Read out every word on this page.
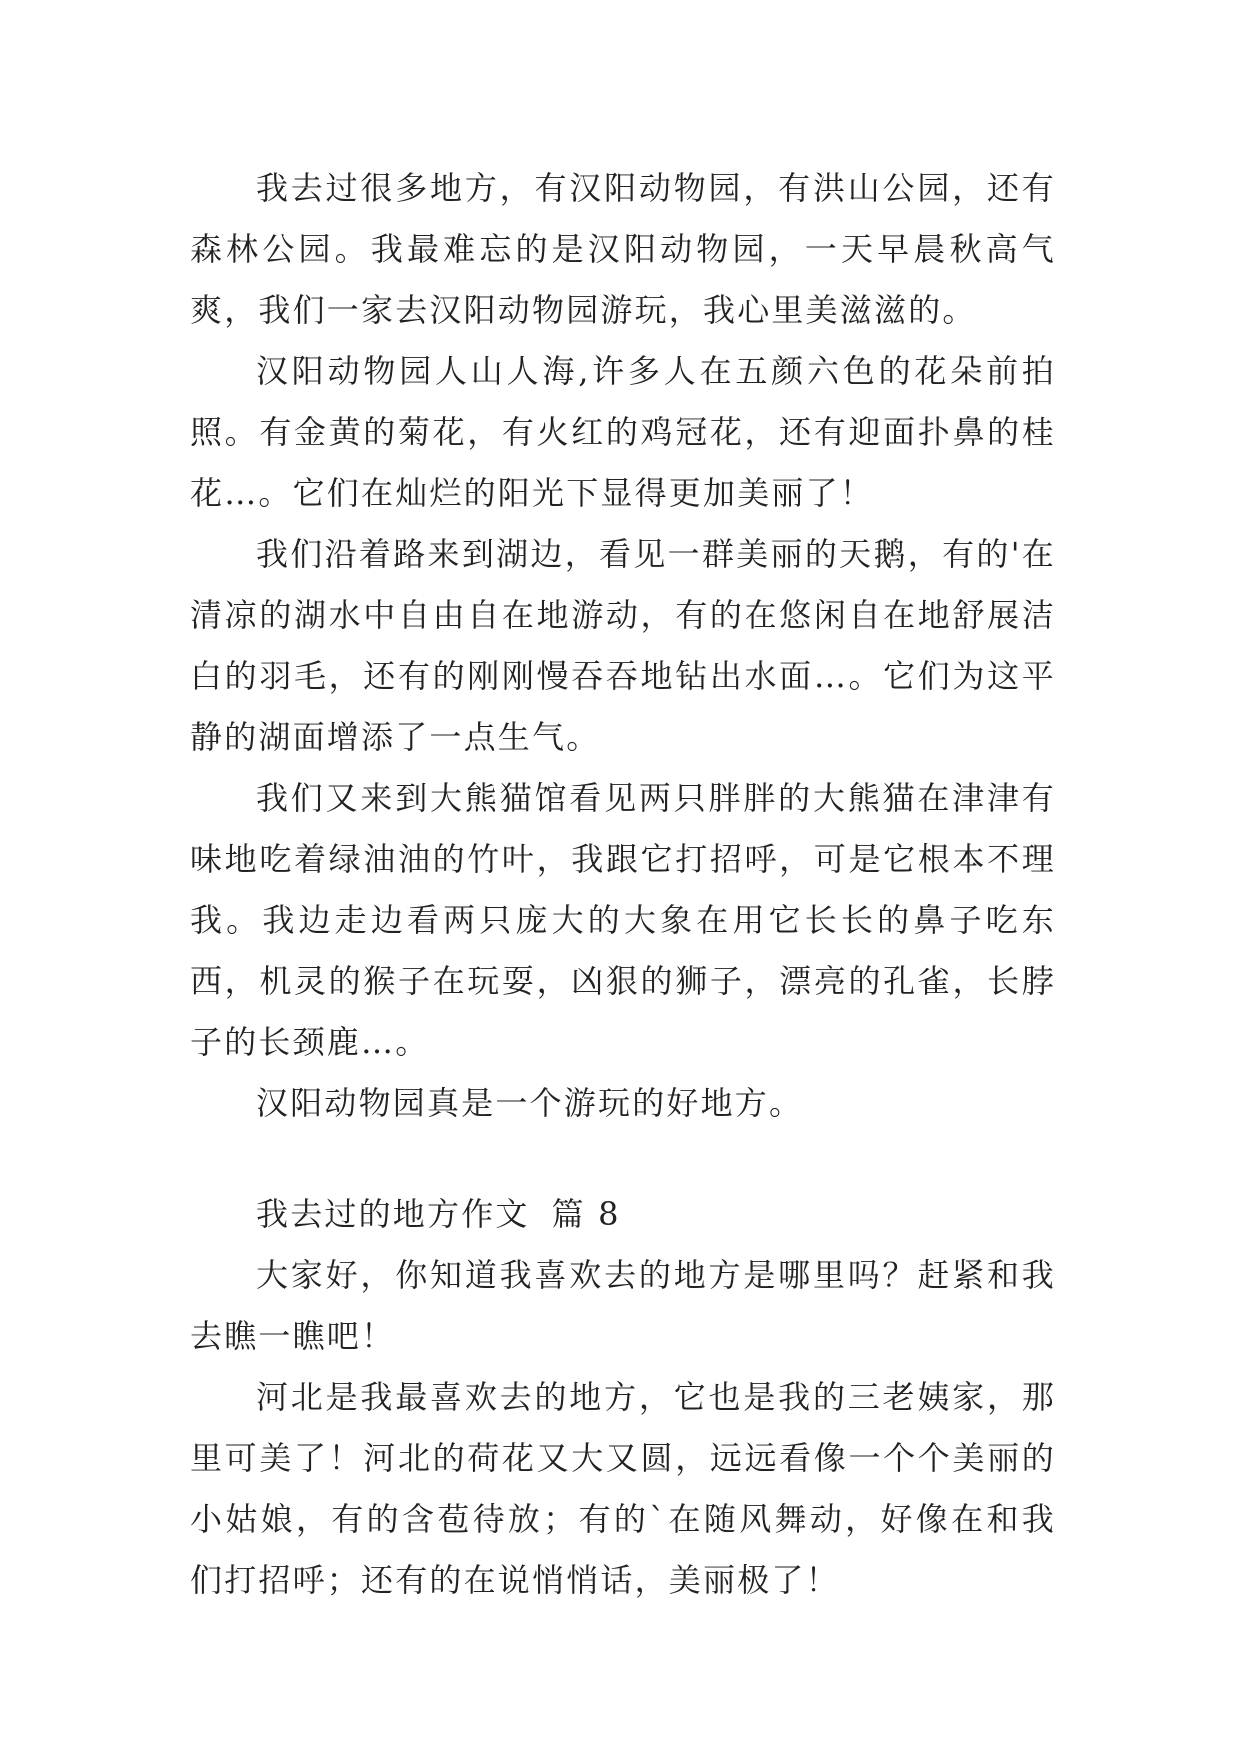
我去过很多地方，有汉阳动物园，有洪山公园，还有森林公园。我最难忘的是汉阳动物园，一天早晨秋高气爽，我们一家去汉阳动物园游玩，我心里美滋滋的。

汉阳动物园人山人海,许多人在五颜六色的花朵前拍照。有金黄的菊花，有火红的鸡冠花，还有迎面扑鼻的桂花…。它们在灿烂的阳光下显得更加美丽了！

我们沿着路来到湖边，看见一群美丽的天鹅，有的'在清凉的湖水中自由自在地游动，有的在悠闲自在地舒展洁白的羽毛，还有的刚刚慢吞吞地钻出水面…。它们为这平静的湖面增添了一点生气。

我们又来到大熊猫馆看见两只胖胖的大熊猫在津津有味地吃着绿油油的竹叶，我跟它打招呼，可是它根本不理我。我边走边看两只庞大的大象在用它长长的鼻子吃东西，机灵的猴子在玩耍，凶狠的狮子，漂亮的孔雀，长脖子的长颈鹿…。

汉阳动物园真是一个游玩的好地方。

我去过的地方作文 篇 8

大家好，你知道我喜欢去的地方是哪里吗？赶紧和我去瞧一瞧吧！

河北是我最喜欢去的地方，它也是我的三老姨家，那里可美了！河北的荷花又大又圆，远远看像一个个美丽的小姑娘，有的含苞待放；有的`在随风舞动，好像在和我们打招呼；还有的在说悄悄话，美丽极了！
